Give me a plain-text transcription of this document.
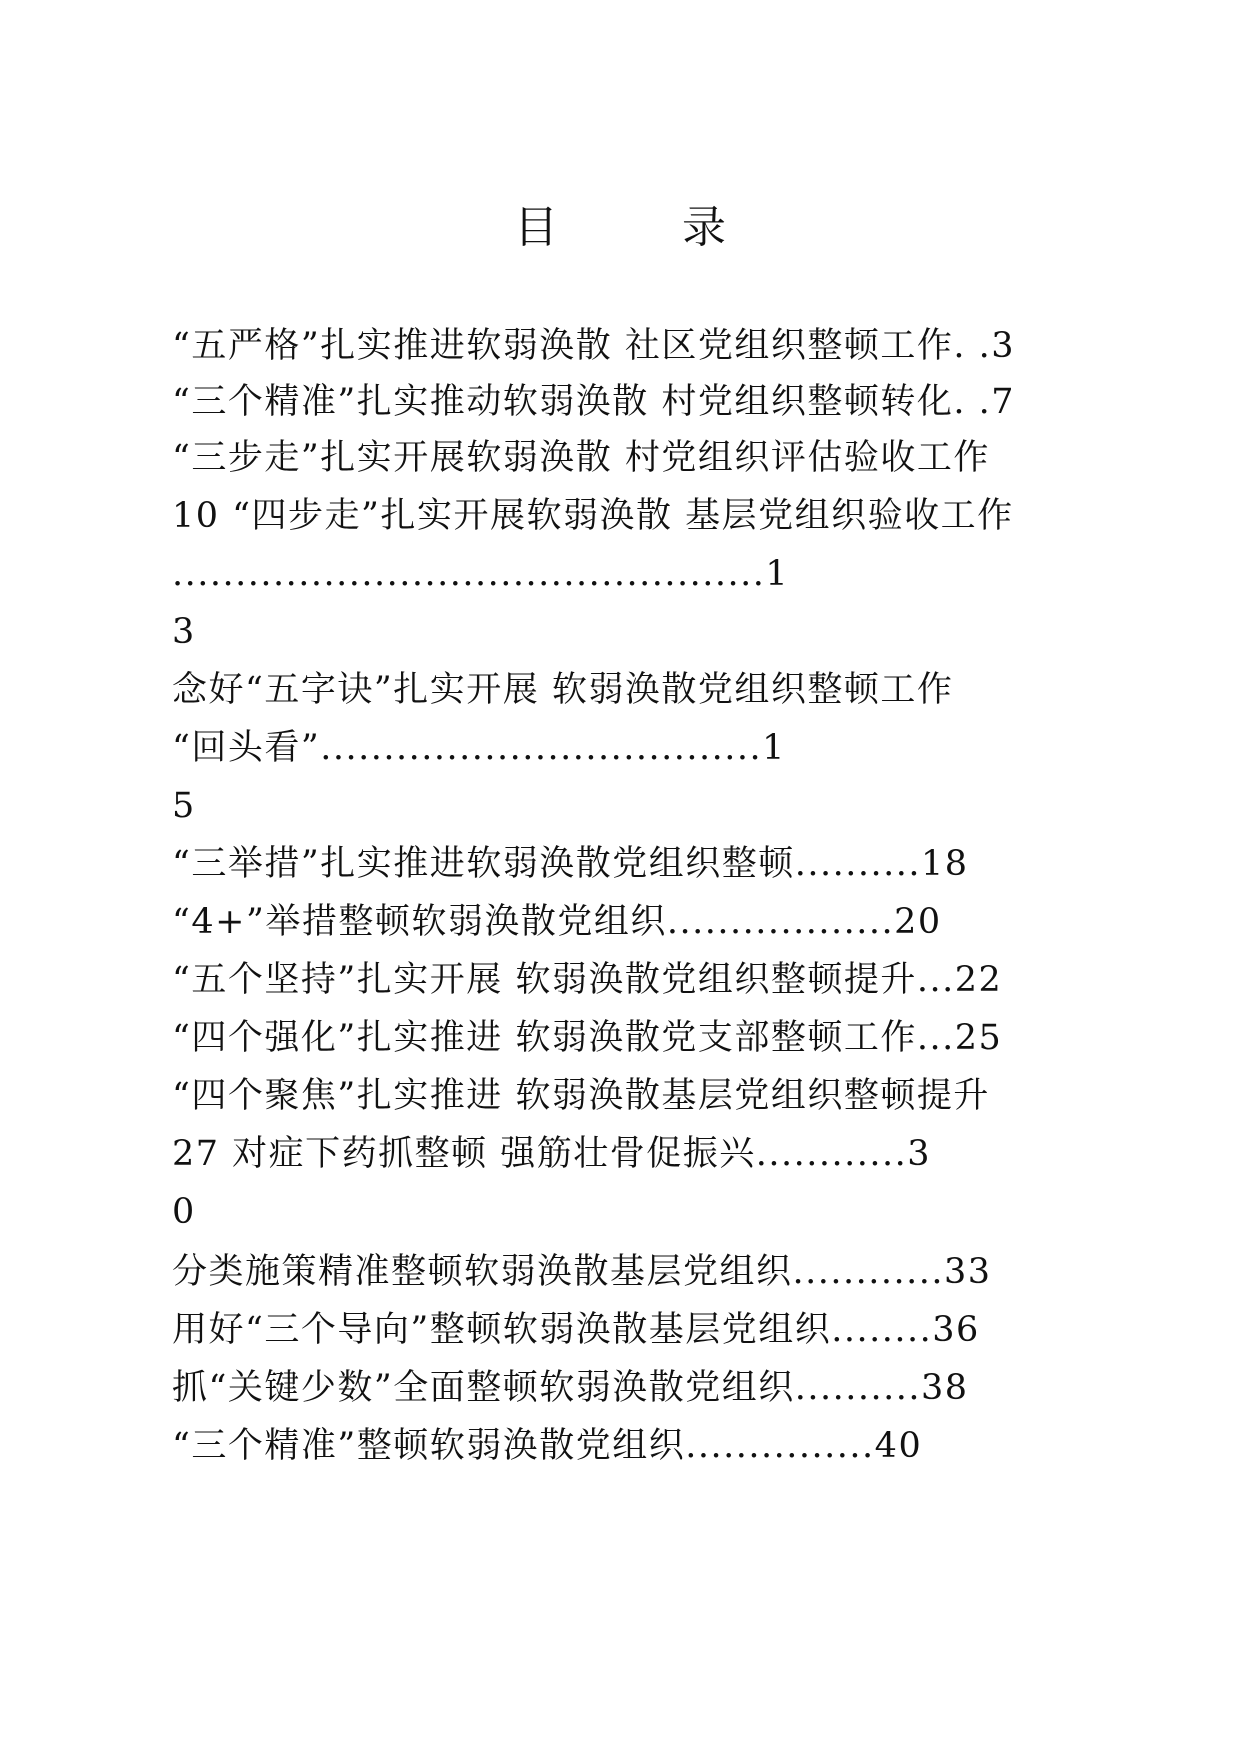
目　录
“五严格”扎实推进软弱涣散 社区党组织整顿工作. .3
“三个精准”扎实推动软弱涣散 村党组织整顿转化. .7
“三步走”扎实开展软弱涣散 村党组织评估验收工作
10 “四步走”扎实开展软弱涣散 基层党组织验收工作
...............................................1
3
念好“五字诀”扎实开展 软弱涣散党组织整顿工作
“回头看”...................................1
5
“三举措”扎实推进软弱涣散党组织整顿..........18
“4+”举措整顿软弱涣散党组织..................20
“五个坚持”扎实开展 软弱涣散党组织整顿提升...22
“四个强化”扎实推进 软弱涣散党支部整顿工作...25
“四个聚焦”扎实推进 软弱涣散基层党组织整顿提升
27 对症下药抓整顿 强筋壮骨促振兴............3
0
分类施策精准整顿软弱涣散基层党组织............33
用好“三个导向”整顿软弱涣散基层党组织........36
抓“关键少数”全面整顿软弱涣散党组织..........38
“三个精准”整顿软弱涣散党组织...............40
